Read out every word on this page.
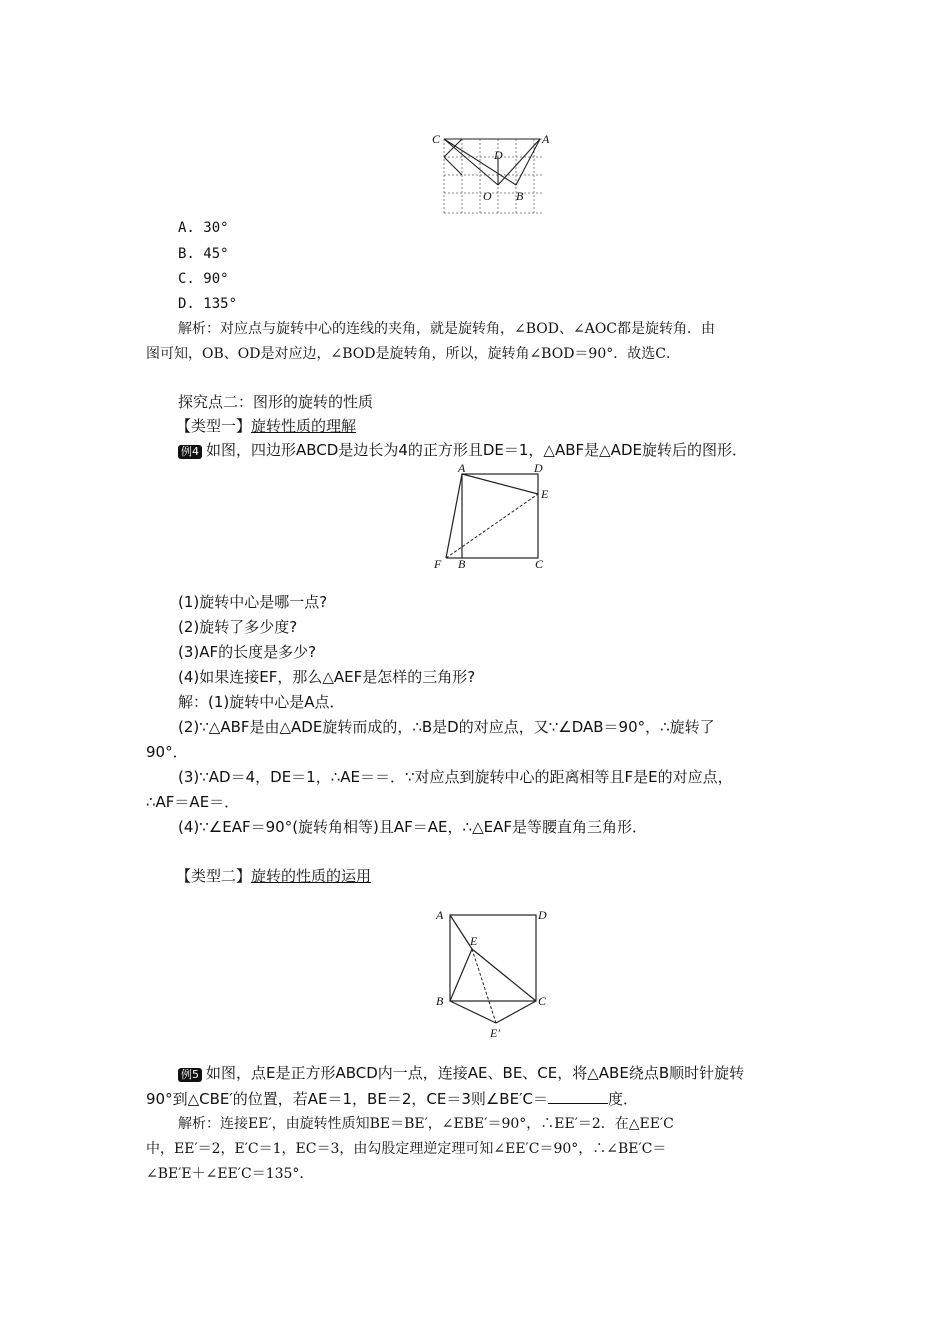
C	A
D
O B
A. 30°
B. 45°
C. 90°
D. 135°
解析：对应点与旋转中心的连线的夹角，就是旋转角，∠BOD、∠AOC都是旋转角．由
图可知，OB、OD是对应边，∠BOD是旋转角，所以，旋转角∠BOD＝90°．故选C．
探究点二：图形的旋转的性质
【类型一】旋转性质的理解
例4 如图，四边形ABCD是边长为4的正方形且DE＝1，△ABF是△ADE旋转后的图形．
A	D
E
F B	C
(1)旋转中心是哪一点?
(2)旋转了多少度?
(3)AF的长度是多少?
(4)如果连接EF，那么△AEF是怎样的三角形?
解：(1)旋转中心是A点．
(2)∵△ABF是由△ADE旋转而成的，∴B是D的对应点，又∵∠DAB＝90°，∴旋转了
90°．
(3)∵AD＝4，DE＝1，∴AE＝＝．∵对应点到旋转中心的距离相等且F是E的对应点，
∴AF＝AE＝．
(4)∵∠EAF＝90°(旋转角相等)且AF＝AE，∴△EAF是等腰直角三角形．
【类型二】旋转的性质的运用
A	D
E
B	C
E′
例5 如图，点E是正方形ABCD内一点，连接AE、BE、CE，将△ABE绕点B顺时针旋转
90°到△CBE′的位置，若AE＝1，BE＝2，CE＝3则∠BE′C＝	度．
解析：连接EE′，由旋转性质知BE＝BE′，∠EBE′＝90°，∴EE′＝2．在△EE′C
中，EE′＝2，E′C＝1，EC＝3，由勾股定理逆定理可知∠EE′C＝90°，∴∠BE′C＝
∠BE′E＋∠EE′C＝135°．
